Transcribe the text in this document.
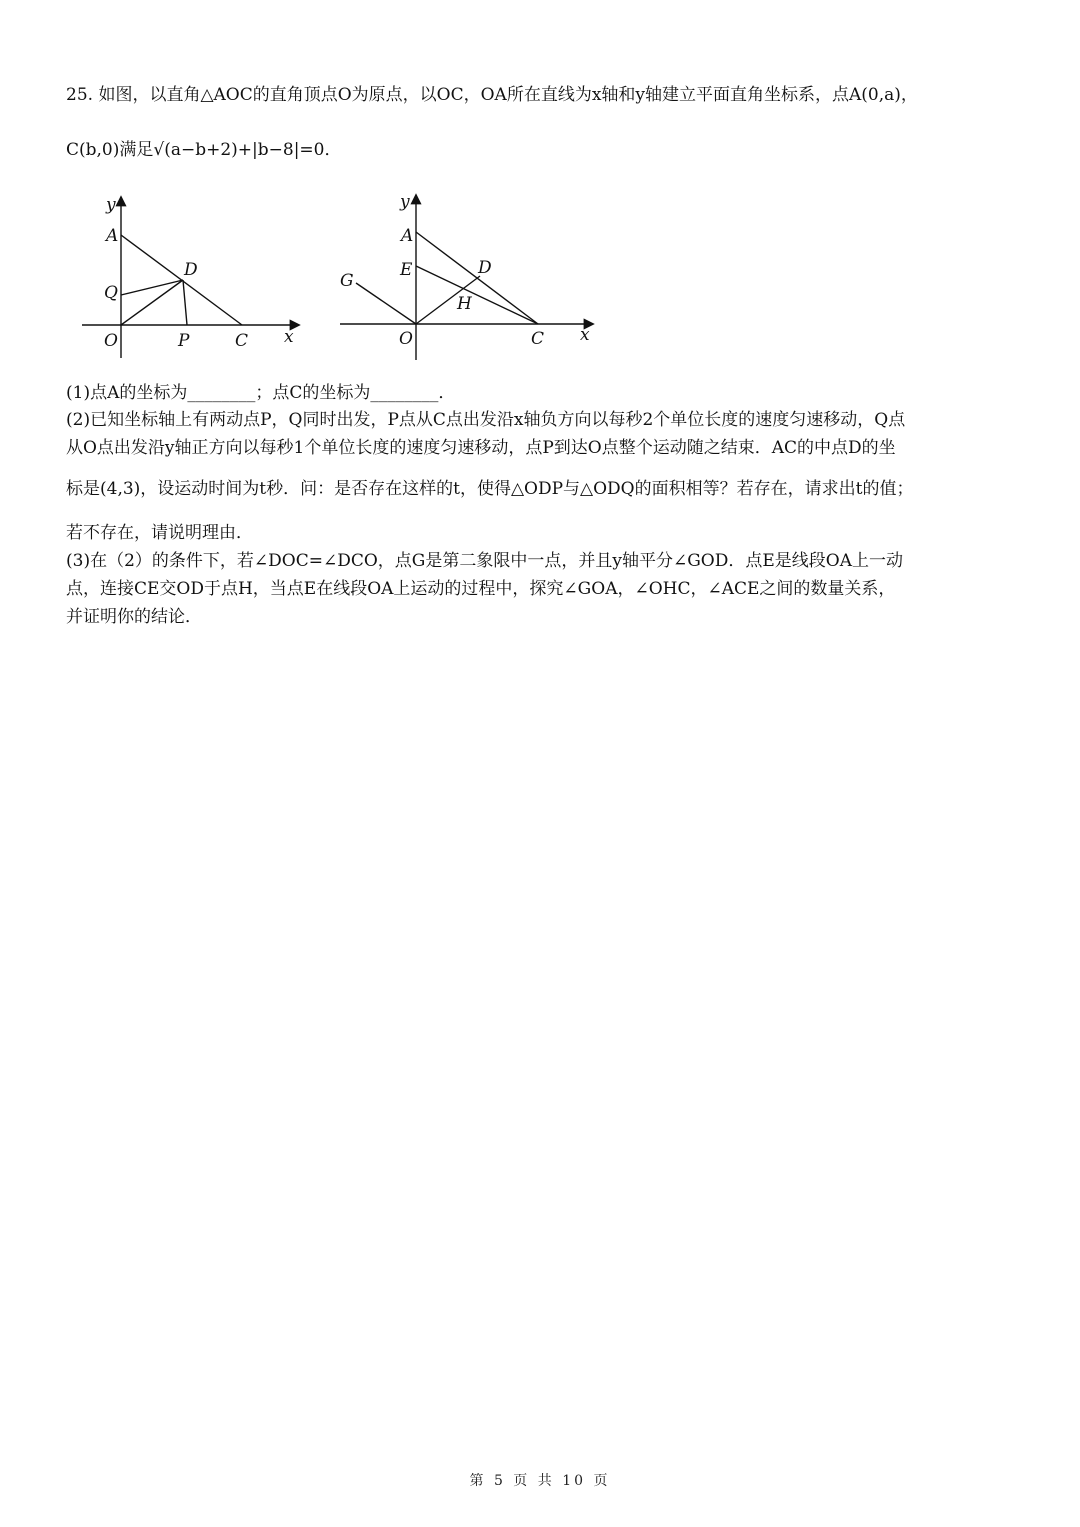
25. 如图，以直角△AOC的直角顶点O为原点，以OC，OA所在直线为x轴和y轴建立平面直角坐标系，点A(0,a)，
C(b,0)满足√(a−b+2)+|b−8|=0．
y
A
D
Q
O	P	C x
y
A
E	D
G
H
O	C x
(1)点A的坐标为________；点C的坐标为________．
(2)已知坐标轴上有两动点P，Q同时出发，P点从C点出发沿x轴负方向以每秒2个单位长度的速度匀速移动，Q点
从O点出发沿y轴正方向以每秒1个单位长度的速度匀速移动，点P到达O点整个运动随之结束．AC的中点D的坐
标是(4,3)，设运动时间为t秒．问：是否存在这样的t，使得△ODP与△ODQ的面积相等？若存在，请求出t的值；
若不存在，请说明理由．
(3)在（2）的条件下，若∠DOC=∠DCO，点G是第二象限中一点，并且y轴平分∠GOD．点E是线段OA上一动
点，连接CE交OD于点H，当点E在线段OA上运动的过程中，探究∠GOA，∠OHC，∠ACE之间的数量关系，
并证明你的结论．
第 5 页 共 10 页
